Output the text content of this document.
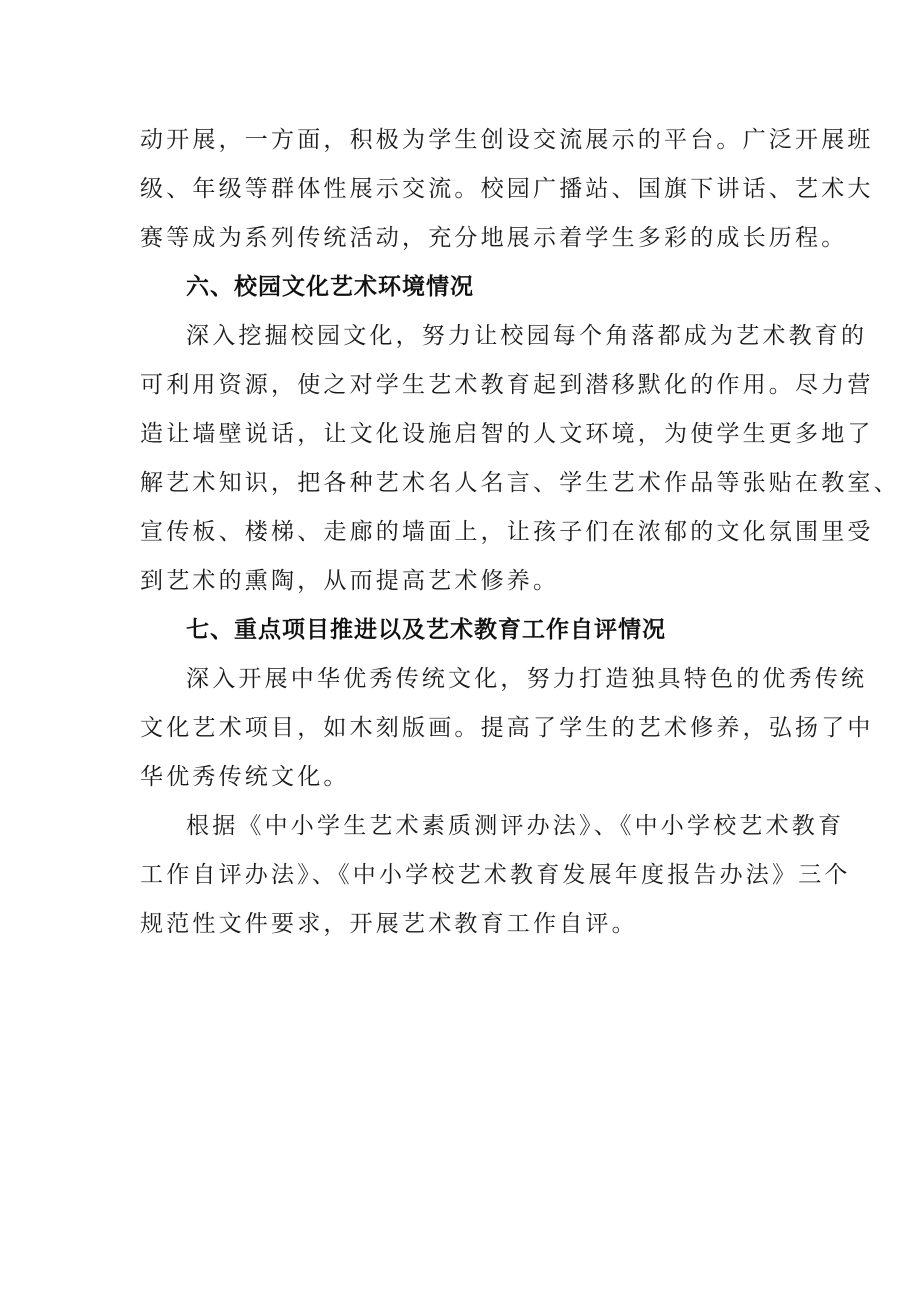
动开展，一方面，积极为学生创设交流展示的平台。广泛开展班
级、年级等群体性展示交流。校园广播站、国旗下讲话、艺术大
赛等成为系列传统活动，充分地展示着学生多彩的成长历程。
六、校园文化艺术环境情况
深入挖掘校园文化，努力让校园每个角落都成为艺术教育的
可利用资源，使之对学生艺术教育起到潜移默化的作用。尽力营
造让墙壁说话，让文化设施启智的人文环境，为使学生更多地了
解艺术知识，把各种艺术名人名言、学生艺术作品等张贴在教室、
宣传板、楼梯、走廊的墙面上，让孩子们在浓郁的文化氛围里受
到艺术的熏陶，从而提高艺术修养。
七、重点项目推进以及艺术教育工作自评情况
深入开展中华优秀传统文化，努力打造独具特色的优秀传统
文化艺术项目，如木刻版画。提高了学生的艺术修养，弘扬了中
华优秀传统文化。
根据《中小学生艺术素质测评办法》、《中小学校艺术教育
工作自评办法》、《中小学校艺术教育发展年度报告办法》三个
规范性文件要求，开展艺术教育工作自评。
